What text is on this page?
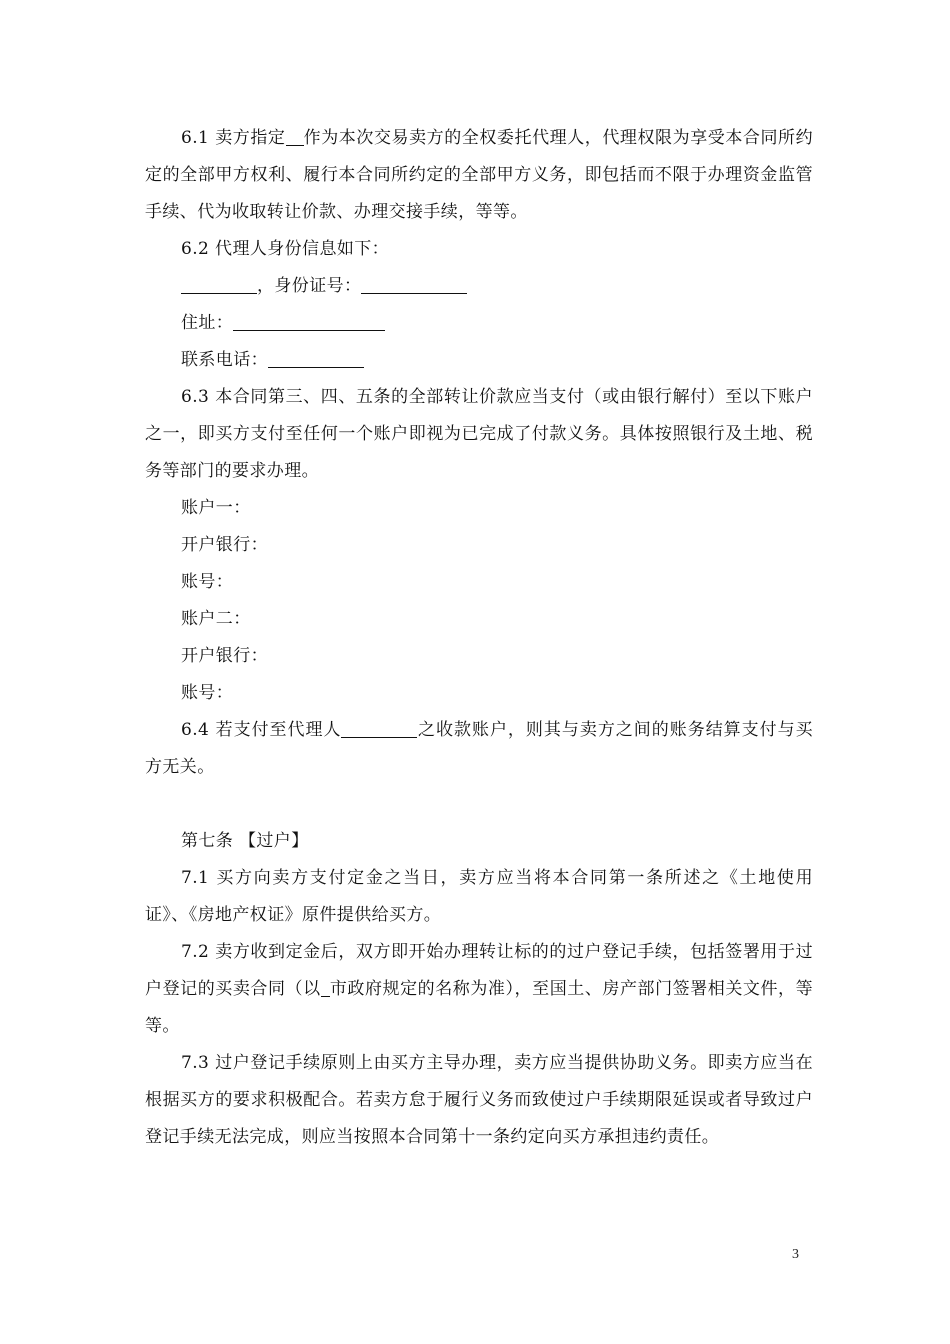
6.1 卖方指定 作为本次交易卖方的全权委托代理人，代理权限为享受本合同所约定的全部甲方权利、履行本合同所约定的全部甲方义务，即包括而不限于办理资金监管手续、代为收取转让价款、办理交接手续，等等。

6.2 代理人身份信息如下：

，身份证号：

住址：

联系电话：

6.3 本合同第三、四、五条的全部转让价款应当支付（或由银行解付）至以下账户之一，即买方支付至任何一个账户即视为已完成了付款义务。具体按照银行及土地、税务等部门的要求办理。

账户一：

开户银行：

账号：

账户二：

开户银行：

账号：

6.4 若支付至代理人	之收款账户，则其与卖方之间的账务结算支付与买方无关。

第七条 【过户】

7.1 买方向卖方支付定金之当日，卖方应当将本合同第一条所述之《土地使用证》、《房地产权证》原件提供给买方。

7.2 卖方收到定金后，双方即开始办理转让标的的过户登记手续，包括签署用于过户登记的买卖合同（以 市政府规定的名称为准），至国土、房产部门签署相关文件，等等。

7.3 过户登记手续原则上由买方主导办理，卖方应当提供协助义务。即卖方应当在根据买方的要求积极配合。若卖方怠于履行义务而致使过户手续期限延误或者导致过户登记手续无法完成，则应当按照本合同第十一条约定向买方承担违约责任。

3
